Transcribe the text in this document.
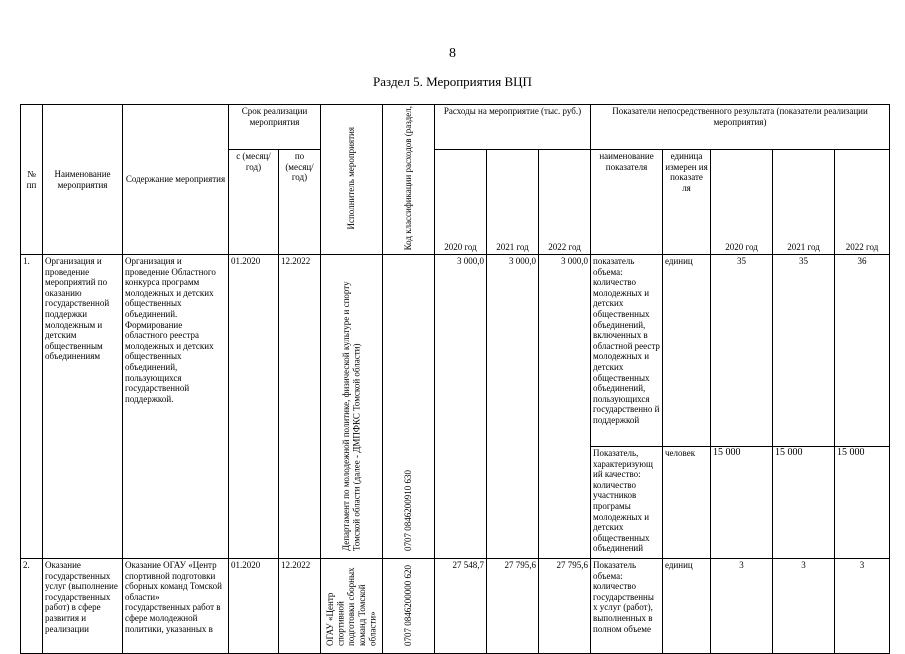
8
Раздел 5. Мероприятия ВЦП
№ пп	Наименование мероприятия	Содержание мероприятия	Срок реализации мероприятия		Исполнитель мероприятия	Код классификации расходов (раздел,	Расходы на мероприятие (тыс. руб.)			Показатели непосредственного результата (показатели реализации мероприятия)				
			с (месяц/ год)	по (месяц/ год)			2020 год	2021 год	2022 год	наименование показателя	единица измерен ия показате ля	2020 год	2021 год	2022 год
1.	Организация и проведение мероприятий по оказанию государственной поддержки молодежным и детским общественным объединениям	Организация и проведение Областного конкурса программ молодежных и детских общественных объединений. Формирование областного реестра молодежных и детских общественных объединений, пользующихся государственной поддержкой.	01.2020	12.2022	Департамент по молодежной политике, физической культуре и спорту Томской области (далее - ДМПФКС Томской области)	0707 0846200910 630	3 000,0	3 000,0	3 000,0	показатель объема: количество молодежных и детских общественных объединений, включенных в областной реестр молодежных и детских общественных объединений, пользующихся государственно й поддержкой	единиц	35	35	36
										Показатель, характеризующ ий качество: количество участников програмы молодежных и детских общественных объединений	человек	15 000	15 000	15 000
2.	Оказание государственных услуг (выполнение государственных работ) в сфере развития и реализации	Оказание ОГАУ «Центр спортивной подготовки сборных команд Томской области» государственных работ в сфере молодежной политики, указанных в	01.2020	12.2022	ОГАУ «Центр спортивной подготовки сборных команд Томской области»	0707 0846200000 620	27 548,7	27 795,6	27 795,6	Показатель объема: количество государственны х услуг (работ), выполненных в полном объеме	единиц	3	3	3
